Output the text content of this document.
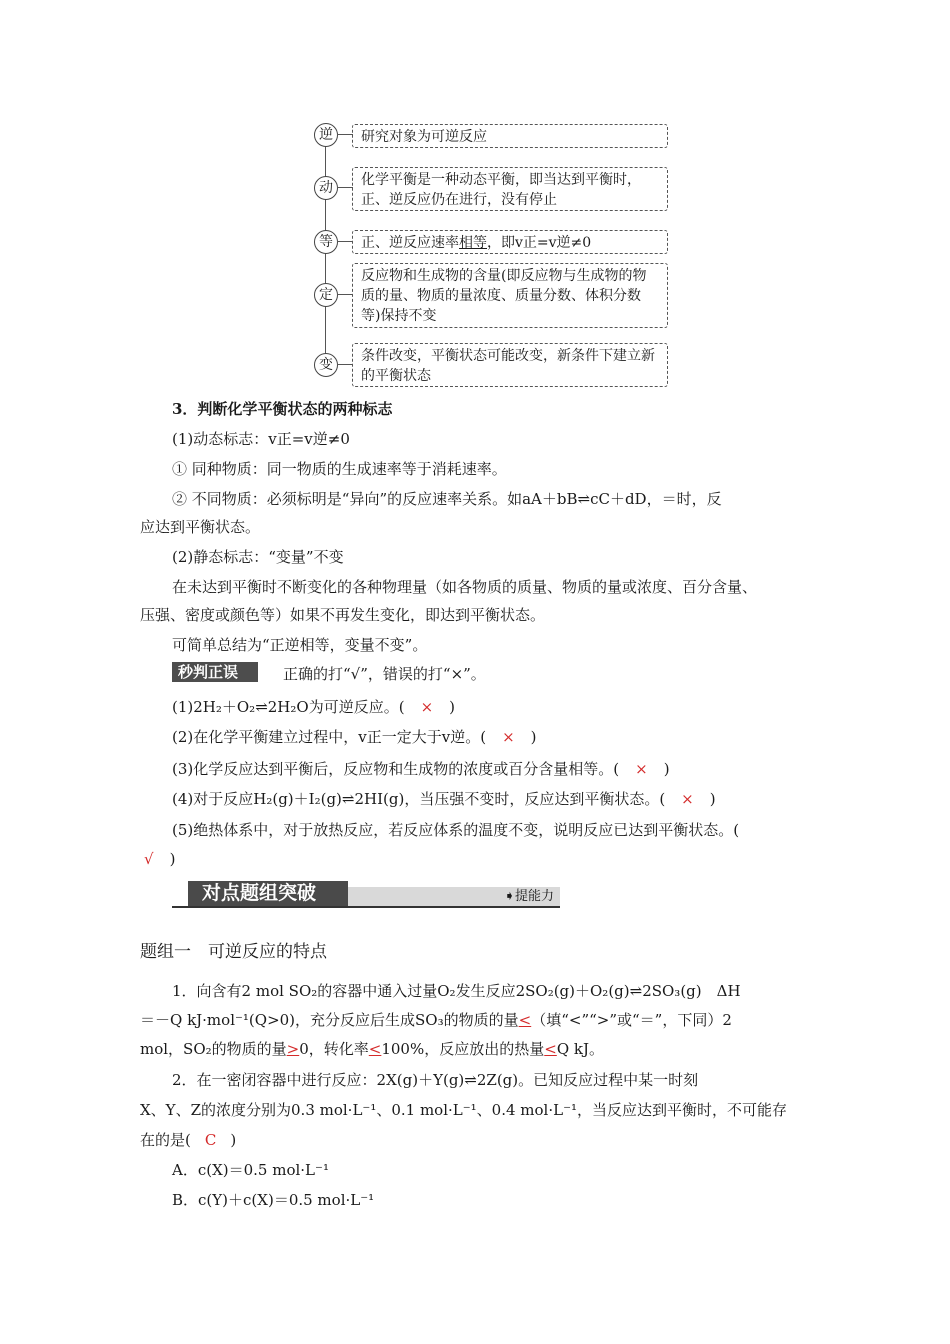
逆	研究对象为可逆反应
动	化学平衡是一种动态平衡，即当达到平衡时，正、逆反应仍在进行，没有停止
等	正、逆反应速率相等，即v正=v逆≠0
定
反应物和生成物的含量(即反应物与生成物的物质的量、物质的量浓度、质量分数、体积分数等)保持不变
变
条件改变，平衡状态可能改变，新条件下建立新的平衡状态
3．判断化学平衡状态的两种标志
(1)动态标志：v正=v逆≠0
① 同种物质：同一物质的生成速率等于消耗速率。
② 不同物质：必须标明是“异向”的反应速率关系。如aA＋bB⇌cC＋dD，＝时，反
应达到平衡状态。
(2)静态标志：“变量”不变
在未达到平衡时不断变化的各种物理量（如各物质的质量、物质的量或浓度、百分含量、
压强、密度或颜色等）如果不再发生变化，即达到平衡状态。
可简单总结为“正逆相等，变量不变”。
秒判正误	正确的打“√”，错误的打“×”。
(1)2H₂＋O₂⇌2H₂O为可逆反应。( × )
(2)在化学平衡建立过程中，v正一定大于v逆。( × )
(3)化学反应达到平衡后，反应物和生成物的浓度或百分含量相等。( × )
(4)对于反应H₂(g)＋I₂(g)⇌2HI(g)，当压强不变时，反应达到平衡状态。( × )
(5)绝热体系中，对于放热反应，若反应体系的温度不变，说明反应已达到平衡状态。(
√ )
➧提能力
对点题组突破
题组一　可逆反应的特点
1．向含有2 mol SO₂的容器中通入过量O₂发生反应2SO₂(g)＋O₂(g)⇌2SO₃(g)　ΔH
＝－Q kJ·mol⁻¹(Q>0)，充分反应后生成SO₃的物质的量<（填“<”“>”或“＝”，下同）2
mol，SO₂的物质的量>0，转化率<100%，反应放出的热量<Q kJ。
2．在一密闭容器中进行反应：2X(g)＋Y(g)⇌2Z(g)。已知反应过程中某一时刻
X、Y、Z的浓度分别为0.3 mol·L⁻¹、0.1 mol·L⁻¹、0.4 mol·L⁻¹，当反应达到平衡时，不可能存
在的是( C )
A．c(X)＝0.5 mol·L⁻¹
B．c(Y)＋c(X)＝0.5 mol·L⁻¹
